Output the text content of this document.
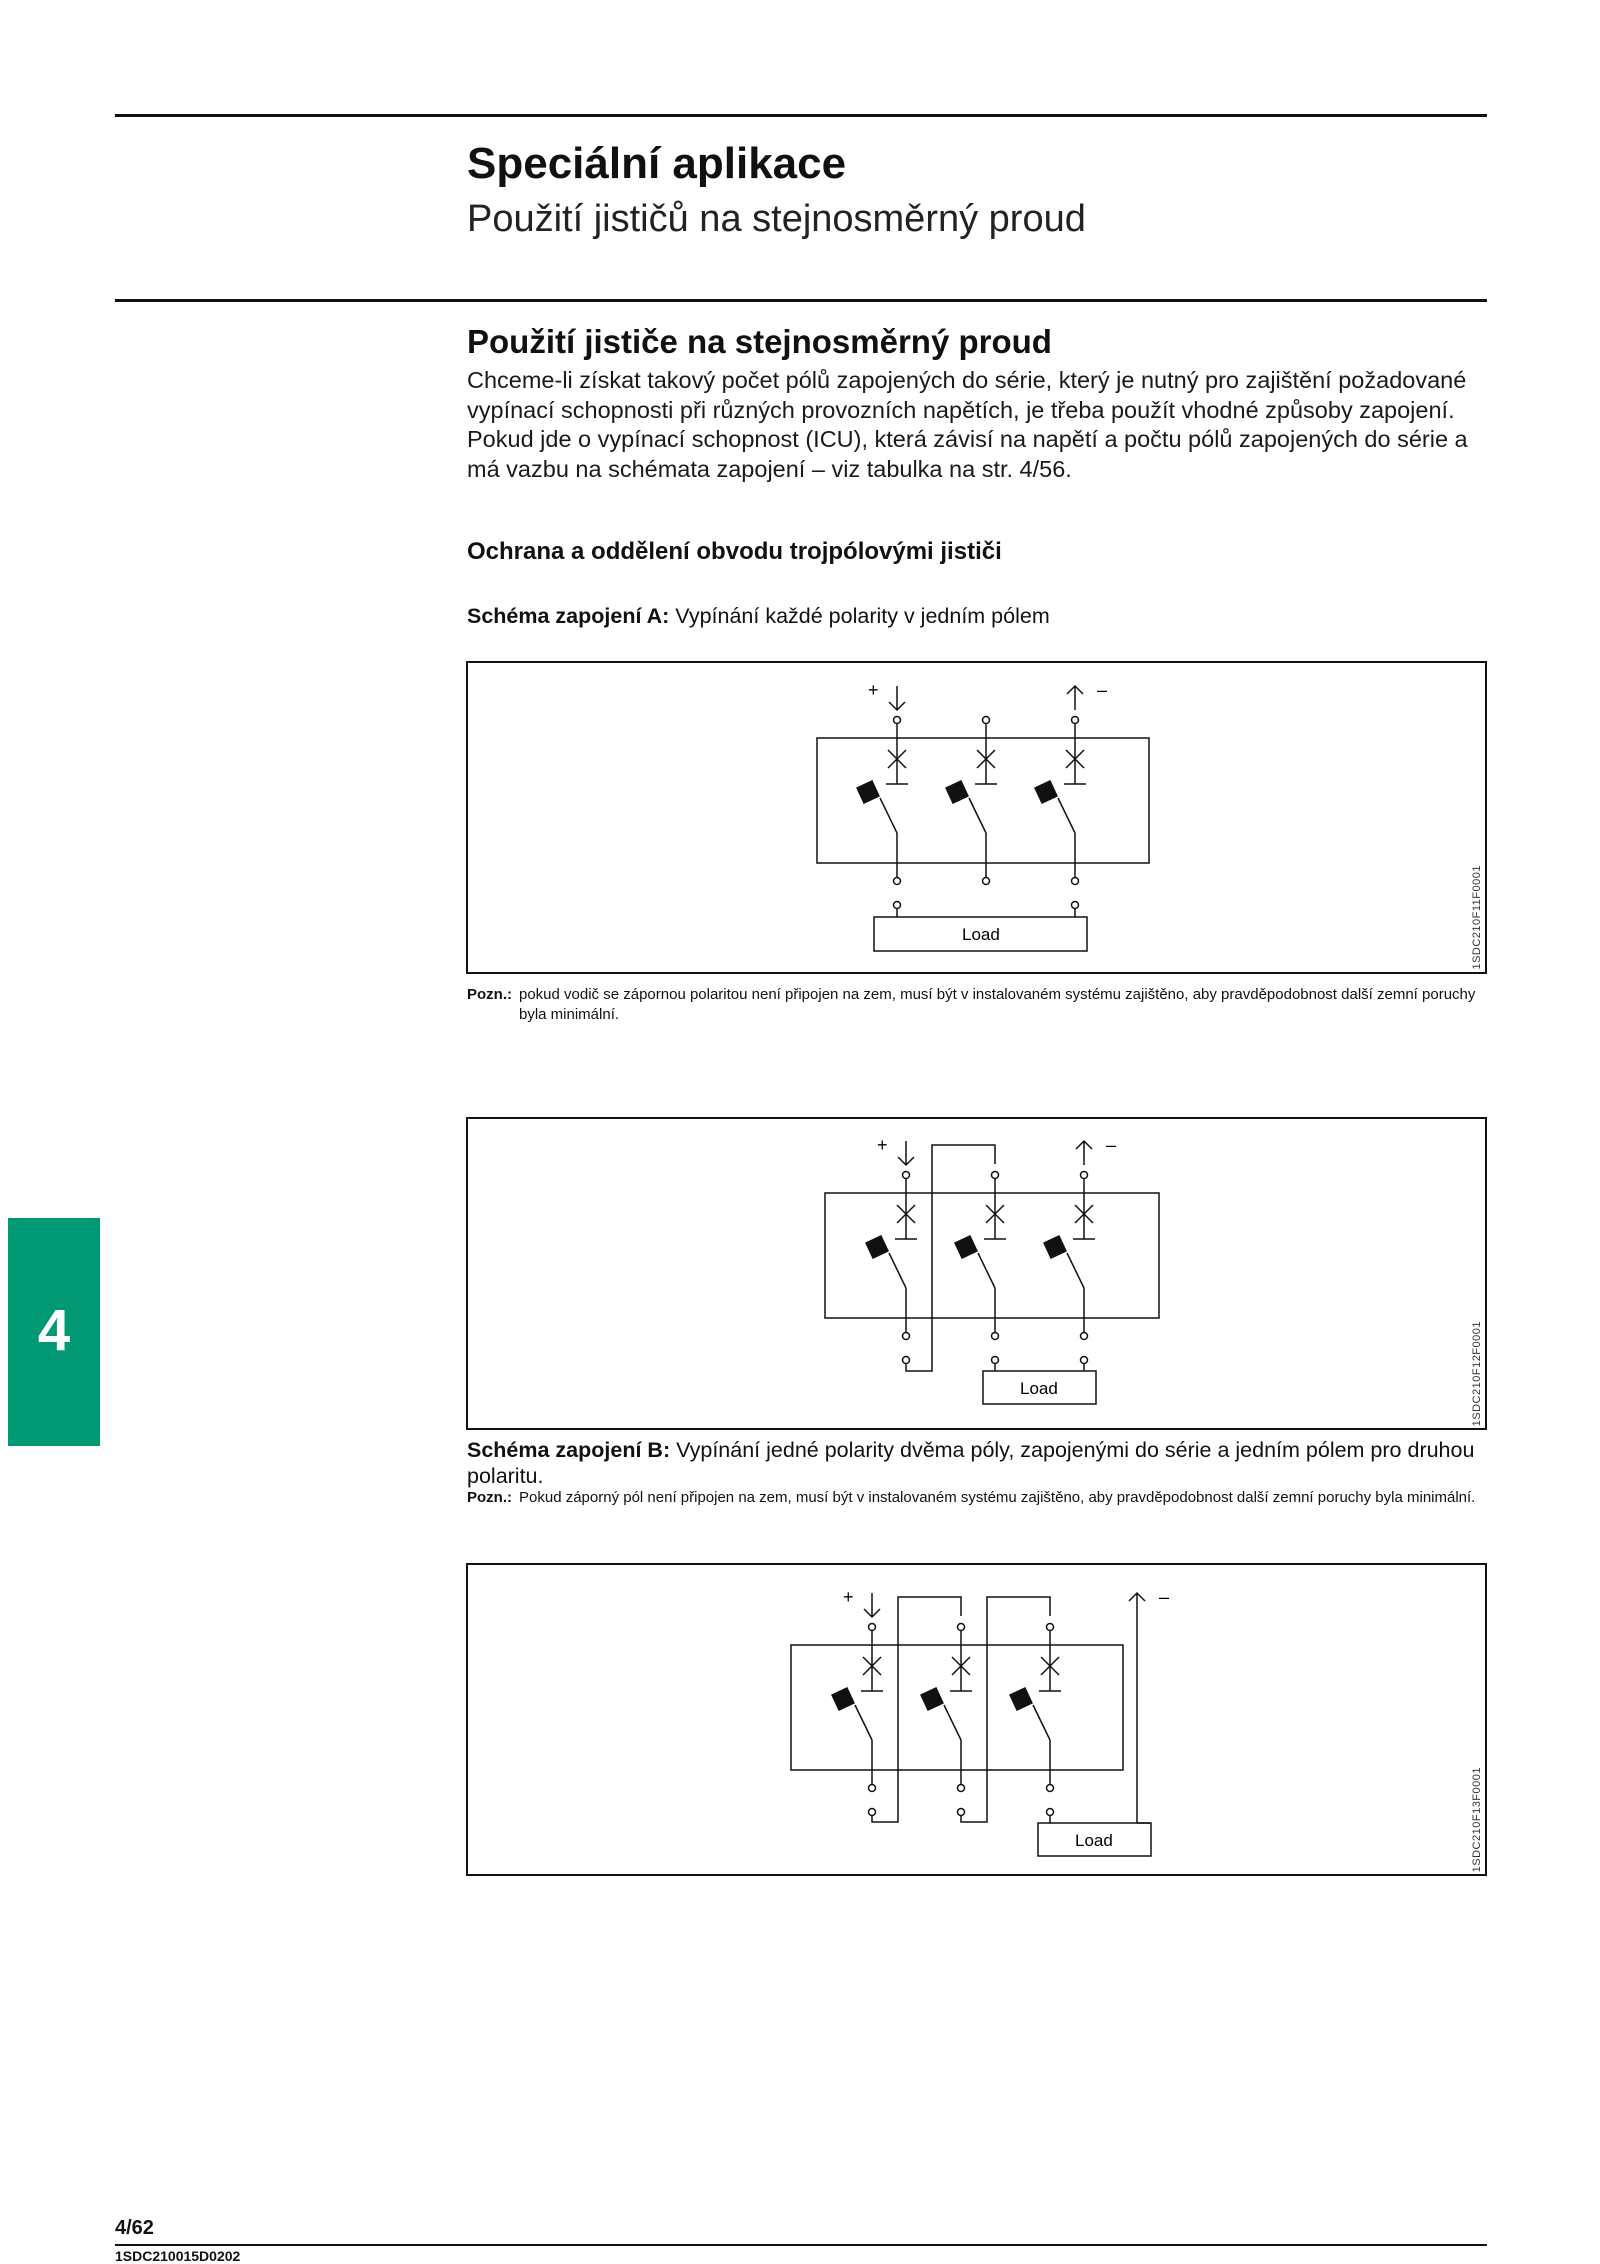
Speciální aplikace
Použití jističů na stejnosměrný proud
Použití jističe na stejnosměrný proud

Chceme-li získat takový počet pólů zapojených do série, který je nutný pro zajištění požadované vypínací schopnosti při různých provozních napětích, je třeba použít vhodné způsoby zapojení. Pokud jde o vypínací schopnost (ICU), která závisí na napětí a počtu pólů zapojených do série a má vazbu na schémata zapojení – viz tabulka na str. 4/56.

Ochrana a oddělení obvodu trojpólovými jističi

Schéma zapojení A: Vypínání každé polarity v jedním pólem

+	–
Load	1SDC210F11F0001

Pozn.: pokud vodič se zápornou polaritou není připojen na zem, musí být v instalovaném systému zajištěno, aby pravděpodobnost další zemní poruchy byla minimální.

+	–
Load	1SDC210F12F0001

Schéma zapojení B: Vypínání jedné polarity dvěma póly, zapojenými do série a jedním pólem pro druhou polaritu.

Pozn.: Pokud záporný pól není připojen na zem, musí být v instalovaném systému zajištěno, aby pravděpodobnost další zemní poruchy byla minimální.

+	–
Load	1SDC210F13F0001
4

4/62

1SDC210015D0202
